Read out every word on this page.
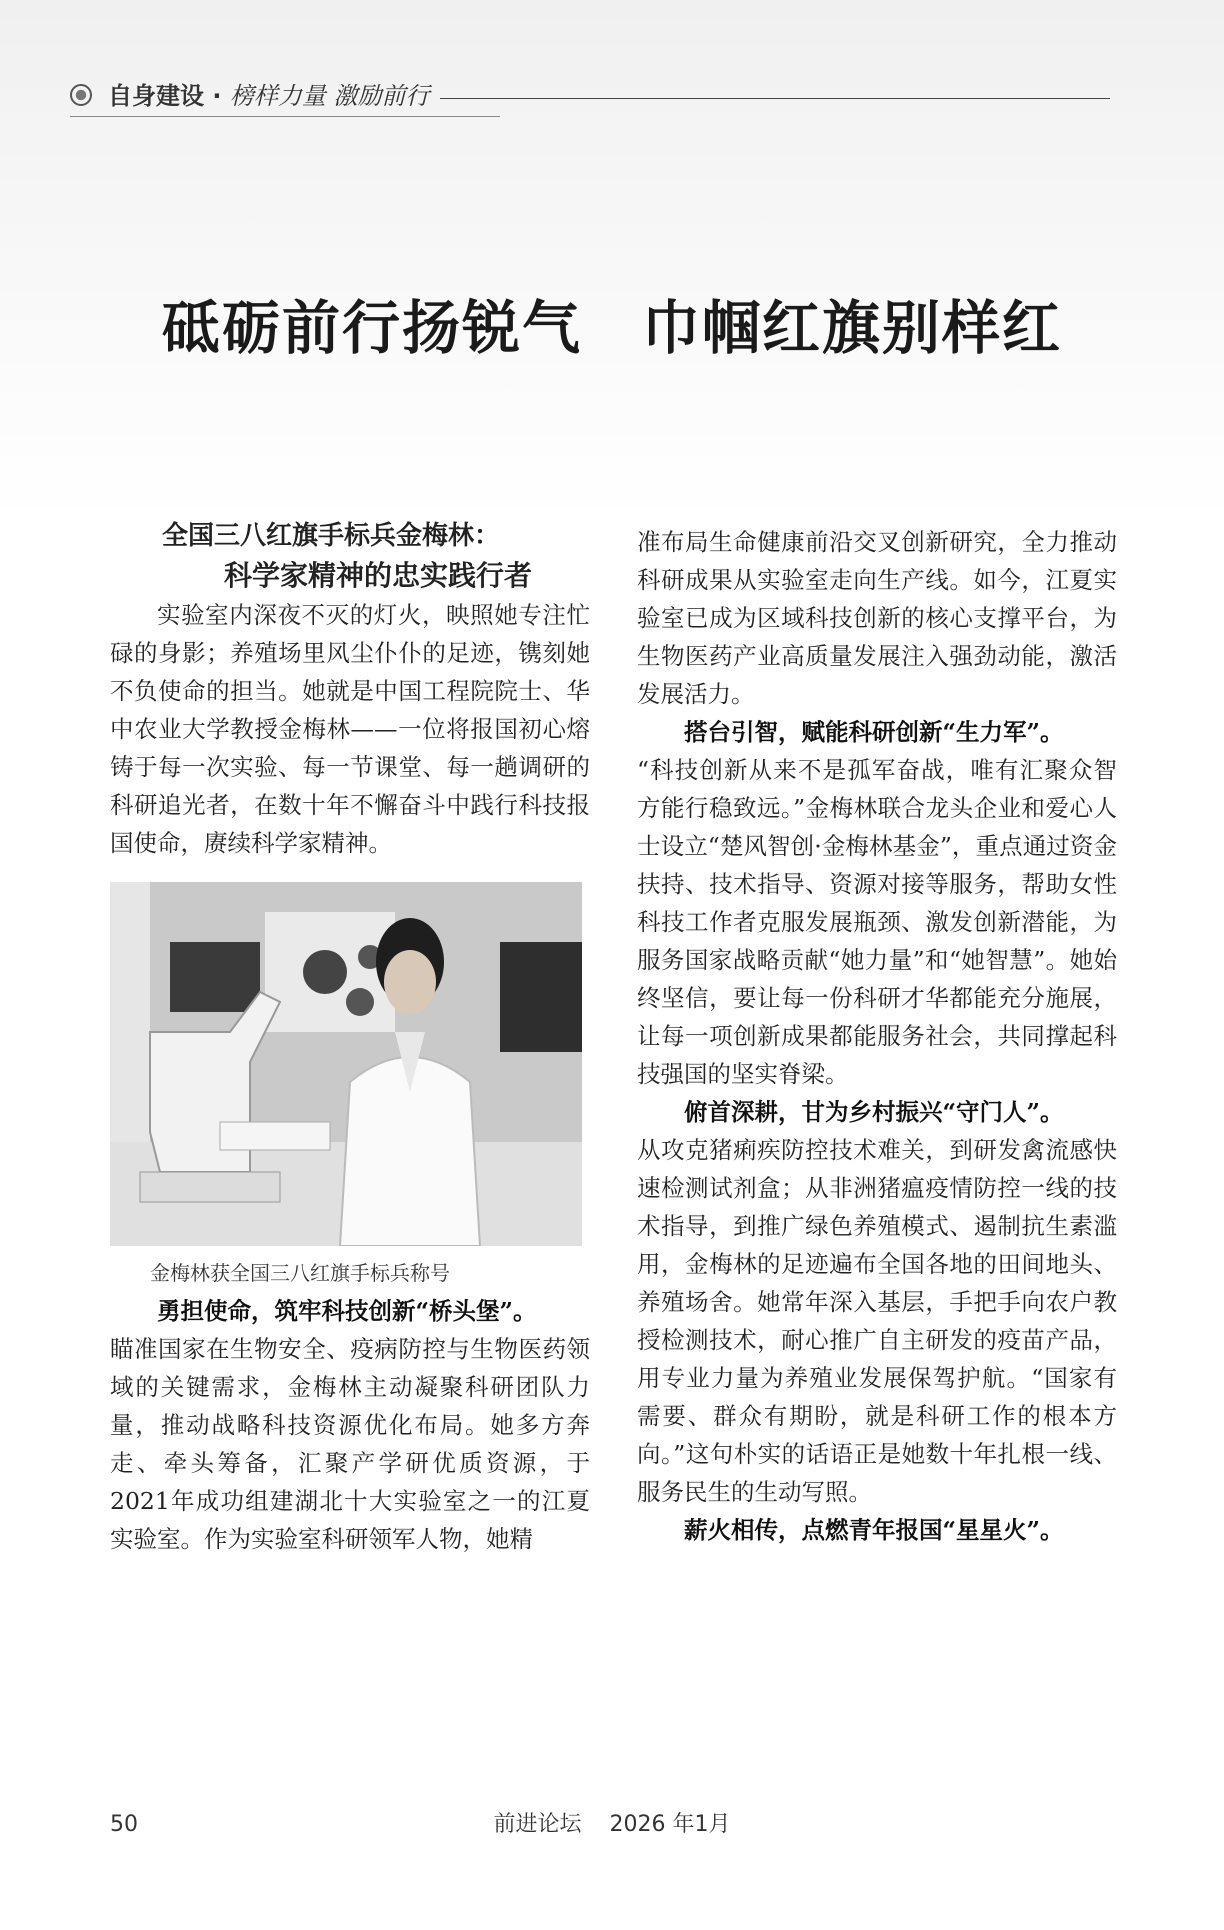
自身建设 · 榜样力量 激励前行
砥砺前行扬锐气　巾帼红旗别样红

全国三八红旗手标兵金梅林：

科学家精神的忠实践行者

实验室内深夜不灭的灯火，映照她专注忙碌的身影；养殖场里风尘仆仆的足迹，镌刻她不负使命的担当。她就是中国工程院院士、华中农业大学教授金梅林——一位将报国初心熔铸于每一次实验、每一节课堂、每一趟调研的科研追光者，在数十年不懈奋斗中践行科技报国使命，赓续科学家精神。

金梅林获全国三八红旗手标兵称号

勇担使命，筑牢科技创新“桥头堡”。

瞄准国家在生物安全、疫病防控与生物医药领域的关键需求，金梅林主动凝聚科研团队力量，推动战略科技资源优化布局。她多方奔走、牵头筹备，汇聚产学研优质资源，于2021年成功组建湖北十大实验室之一的江夏实验室。作为实验室科研领军人物，她精

准布局生命健康前沿交叉创新研究，全力推动科研成果从实验室走向生产线。如今，江夏实验室已成为区域科技创新的核心支撑平台，为生物医药产业高质量发展注入强劲动能，激活发展活力。

搭台引智，赋能科研创新“生力军”。

“科技创新从来不是孤军奋战，唯有汇聚众智方能行稳致远。”金梅林联合龙头企业和爱心人士设立“楚风智创·金梅林基金”，重点通过资金扶持、技术指导、资源对接等服务，帮助女性科技工作者克服发展瓶颈、激发创新潜能，为服务国家战略贡献“她力量”和“她智慧”。她始终坚信，要让每一份科研才华都能充分施展，让每一项创新成果都能服务社会，共同撑起科技强国的坚实脊梁。

俯首深耕，甘为乡村振兴“守门人”。

从攻克猪痢疾防控技术难关，到研发禽流感快速检测试剂盒；从非洲猪瘟疫情防控一线的技术指导，到推广绿色养殖模式、遏制抗生素滥用，金梅林的足迹遍布全国各地的田间地头、养殖场舍。她常年深入基层，手把手向农户教授检测技术，耐心推广自主研发的疫苗产品，用专业力量为养殖业发展保驾护航。“国家有需要、群众有期盼，就是科研工作的根本方向。”这句朴实的话语正是她数十年扎根一线、服务民生的生动写照。

薪火相传，点燃青年报国“星星火”。

50	前进论坛 2026 年1月
